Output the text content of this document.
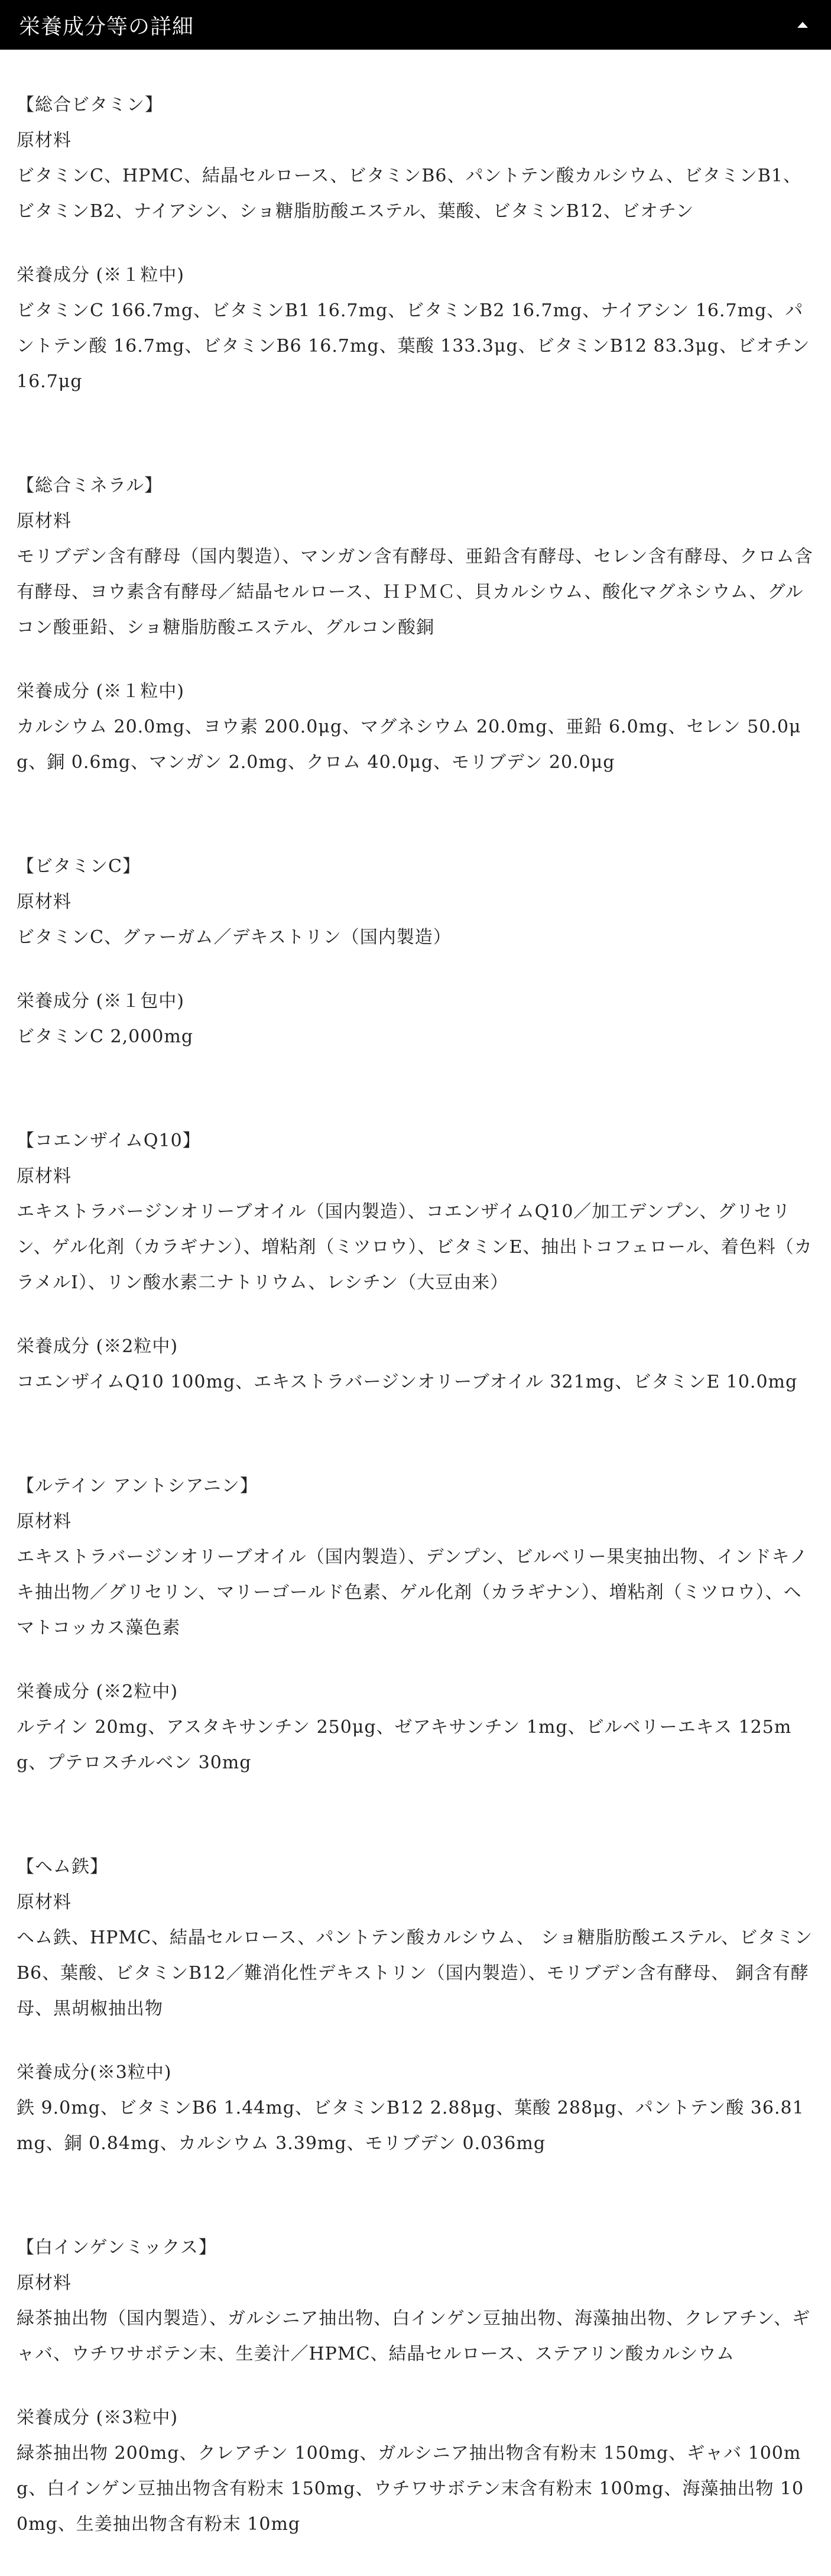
栄養成分等の詳細

【総合ビタミン】

原材料

ビタミンC、HPMC、結晶セルロース、ビタミンB6、パントテン酸カルシウム、ビタミンB1、ビタミンB2、ナイアシン、ショ糖脂肪酸エステル、葉酸、ビタミンB12、ビオチン

栄養成分 (※１粒中)

ビタミンC 166.7mg、ビタミンB1 16.7mg、ビタミンB2 16.7mg、ナイアシン 16.7mg、パントテン酸 16.7mg、ビタミンB6 16.7mg、葉酸 133.3μg、ビタミンB12 83.3μg、ビオチン 16.7μg

【総合ミネラル】

原材料

モリブデン含有酵母（国内製造）、マンガン含有酵母、亜鉛含有酵母、セレン含有酵母、クロム含有酵母、ヨウ素含有酵母／結晶セルロース、ＨＰＭＣ、貝カルシウム、酸化マグネシウム、グルコン酸亜鉛、ショ糖脂肪酸エステル、グルコン酸銅

栄養成分 (※１粒中)

カルシウム 20.0mg、ヨウ素 200.0μg、マグネシウム 20.0mg、亜鉛 6.0mg、セレン 50.0μg、銅 0.6mg、マンガン 2.0mg、クロム 40.0μg、モリブデン 20.0μg

【ビタミンC】

原材料

ビタミンC、グァーガム／デキストリン（国内製造）

栄養成分 (※１包中)

ビタミンC 2,000mg

【コエンザイムQ10】

原材料

エキストラバージンオリーブオイル（国内製造）、コエンザイムQ10／加工デンプン、グリセリン、ゲル化剤（カラギナン）、増粘剤（ミツロウ）、ビタミンE、抽出トコフェロール、着色料（カラメルⅠ）、リン酸水素二ナトリウム、レシチン（大豆由来）

栄養成分 (※2粒中)

コエンザイムQ10 100mg、エキストラバージンオリーブオイル 321mg、ビタミンE 10.0mg

【ルテイン アントシアニン】

原材料

エキストラバージンオリーブオイル（国内製造）、デンプン、ビルベリー果実抽出物、インドキノキ抽出物／グリセリン、マリーゴールド色素、ゲル化剤（カラギナン）、増粘剤（ミツロウ）、ヘマトコッカス藻色素

栄養成分 (※2粒中)

ルテイン 20mg、アスタキサンチン 250μg、ゼアキサンチン 1mg、ビルベリーエキス 125mg、プテロスチルベン 30mg

【ヘム鉄】

原材料

ヘム鉄、HPMC、結晶セルロース、パントテン酸カルシウム、 ショ糖脂肪酸エステル、ビタミンB6、葉酸、ビタミンB12／難消化性デキストリン（国内製造）、モリブデン含有酵母、 銅含有酵母、黒胡椒抽出物

栄養成分(※3粒中)

鉄 9.0mg、ビタミンB6 1.44mg、ビタミンB12 2.88μg、葉酸 288μg、パントテン酸 36.81mg、銅 0.84mg、カルシウム 3.39mg、モリブデン 0.036mg

【白インゲンミックス】

原材料

緑茶抽出物（国内製造）、ガルシニア抽出物、白インゲン豆抽出物、海藻抽出物、クレアチン、ギャバ、ウチワサボテン末、生姜汁／HPMC、結晶セルロース、ステアリン酸カルシウム

栄養成分 (※3粒中)

緑茶抽出物 200mg、クレアチン 100mg、ガルシニア抽出物含有粉末 150mg、ギャバ 100mg、白インゲン豆抽出物含有粉末 150mg、ウチワサボテン末含有粉末 100mg、海藻抽出物 100mg、生姜抽出物含有粉末 10mg
